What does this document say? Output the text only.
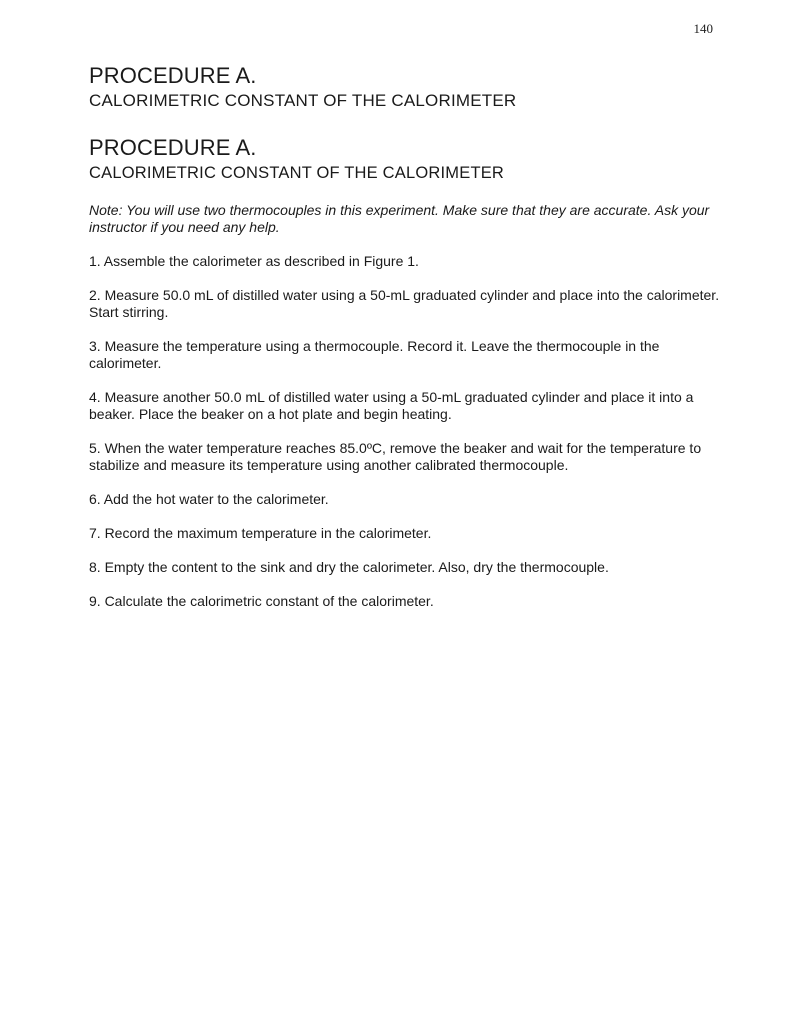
140
PROCEDURE A.
CALORIMETRIC CONSTANT OF THE CALORIMETER
PROCEDURE A.
CALORIMETRIC CONSTANT OF THE CALORIMETER

Note: You will use two thermocouples in this experiment. Make sure that they are accurate. Ask your instructor if you need any help.

1. Assemble the calorimeter as described in Figure 1.

2. Measure 50.0 mL of distilled water using a 50-mL graduated cylinder and place into the calorimeter. Start stirring.

3. Measure the temperature using a thermocouple. Record it. Leave the thermocouple in the calorimeter.

4. Measure another 50.0 mL of distilled water using a 50-mL graduated cylinder and place it into a beaker. Place the beaker on a hot plate and begin heating.

5. When the water temperature reaches 85.0ºC, remove the beaker and wait for the temperature to stabilize and measure its temperature using another calibrated thermocouple.

6. Add the hot water to the calorimeter.

7. Record the maximum temperature in the calorimeter.

8. Empty the content to the sink and dry the calorimeter. Also, dry the thermocouple.

9. Calculate the calorimetric constant of the calorimeter.
